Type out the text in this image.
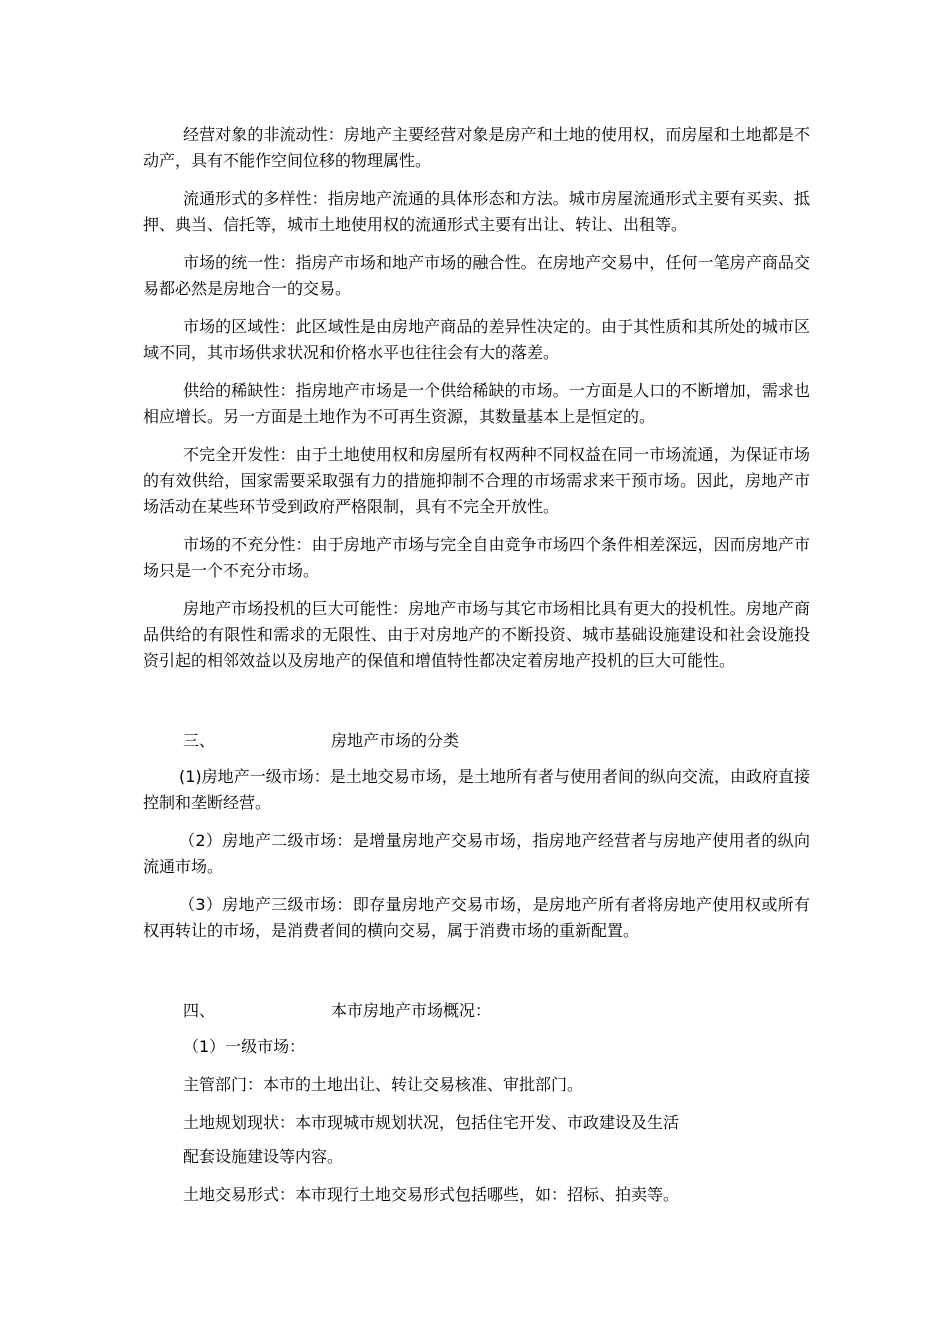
经营对象的非流动性：房地产主要经营对象是房产和土地的使用权，而房屋和土地都是不动产，具有不能作空间位移的物理属性。

流通形式的多样性：指房地产流通的具体形态和方法。城市房屋流通形式主要有买卖、抵押、典当、信托等，城市土地使用权的流通形式主要有出让、转让、出租等。

市场的统一性：指房产市场和地产市场的融合性。在房地产交易中，任何一笔房产商品交易都必然是房地合一的交易。

市场的区域性：此区域性是由房地产商品的差异性决定的。由于其性质和其所处的城市区域不同，其市场供求状况和价格水平也往往会有大的落差。

供给的稀缺性：指房地产市场是一个供给稀缺的市场。一方面是人口的不断增加，需求也相应增长。另一方面是土地作为不可再生资源，其数量基本上是恒定的。

不完全开发性：由于土地使用权和房屋所有权两种不同权益在同一市场流通，为保证市场的有效供给，国家需要采取强有力的措施抑制不合理的市场需求来干预市场。因此，房地产市场活动在某些环节受到政府严格限制，具有不完全开放性。

市场的不充分性：由于房地产市场与完全自由竞争市场四个条件相差深远，因而房地产市场只是一个不充分市场。

房地产市场投机的巨大可能性：房地产市场与其它市场相比具有更大的投机性。房地产商品供给的有限性和需求的无限性、由于对房地产的不断投资、城市基础设施建设和社会设施投资引起的相邻效益以及房地产的保值和增值特性都决定着房地产投机的巨大可能性。

三、	房地产市场的分类

(1)房地产一级市场：是土地交易市场，是土地所有者与使用者间的纵向交流，由政府直接控制和垄断经营。

（2）房地产二级市场：是增量房地产交易市场，指房地产经营者与房地产使用者的纵向流通市场。

（3）房地产三级市场：即存量房地产交易市场，是房地产所有者将房地产使用权或所有权再转让的市场，是消费者间的横向交易，属于消费市场的重新配置。

四、	本市房地产市场概况：

（1）一级市场：

主管部门：本市的土地出让、转让交易核准、审批部门。

土地规划现状：本市现城市规划状况，包括住宅开发、市政建设及生活

配套设施建设等内容。

土地交易形式：本市现行土地交易形式包括哪些，如：招标、拍卖等。
